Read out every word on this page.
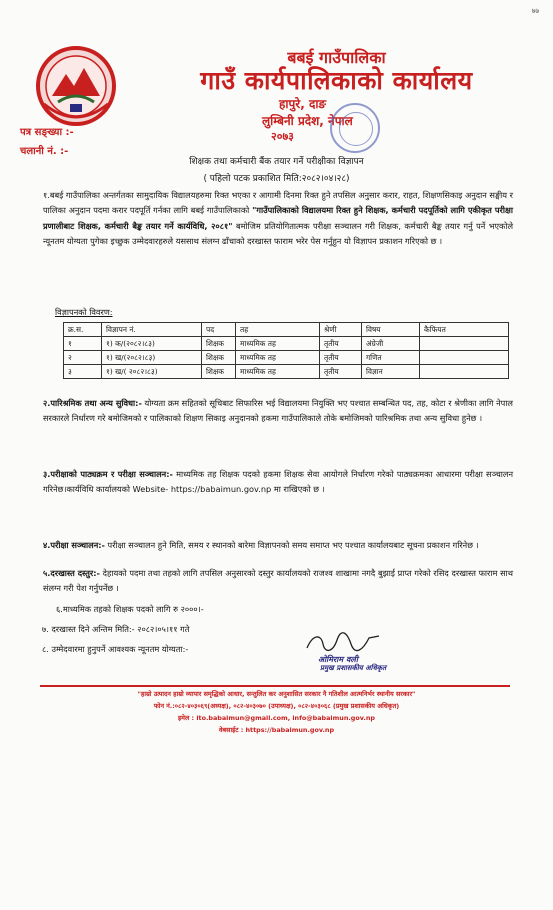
७७
बबई गाउँपालिका
गाउँ कार्यपालिकाको कार्यालय
हापुरे, दाङ
लुम्बिनी प्रदेश, नेपाल
२०७३
पत्र सङ्ख्या :-
चलानी नं. :-
शिक्षक तथा कर्मचारी बैंक तयार गर्ने परीक्षीका विज्ञापन
( पहिलो पटक प्रकाशित मिति:२०८२।०४।२८)
१.बबई गाउँपालिका अन्तर्गतका सामुदायिक विद्यालयहरुमा रिक्त भएका र आगामी दिनमा रिक्त हुने तपसिल अनुसार करार, राहत, शिक्षणसिकाइ अनुदान सङ्घीय र पालिका अनुदान पदमा करार पदपूर्ति गर्नका लागि बबई गाउँपालिकाको "गाउँपालिकाको विद्यालयमा रिक्त हुने शिक्षक, कर्मचारी पदपूर्तिको लागि एकीकृत परीक्षा प्रणालीबाट शिक्षक, कर्मचारी बैङ्क तयार गर्ने कार्यविधि, २०८१" बमोजिम प्रतियोगितात्मक परीक्षा सञ्चालन गरी शिक्षक, कर्मचारी बैङ्क तयार गर्नु पर्ने भएकोले न्यूनतम योग्यता पुगेका इच्छुक उम्मेदवारहरुले यससाथ संलग्न ढाँचाको दरखास्त फाराम भरेर पेस गर्नुहुन यो विज्ञापन प्रकाशन गरिएको छ ।
विज्ञापनको विवरण:
क्र.स.	विज्ञापन नं.	पद	तह	श्रेणी	विषय	कैफियत
१	१) क/(२०८२।८३)	शिक्षक	माध्यमिक तह	तृतीय	अंग्रेजी	
२	१) ख/(२०८२।८३)	शिक्षक	माध्यमिक तह	तृतीय	गणित	
३	१) ख/( २०८२।८३)	शिक्षक	माध्यमिक तह	तृतीय	विज्ञान	
२.पारिश्रमिक तथा अन्य सुविधा:- योग्यता क्रम सहितको सूचिबाट सिफारिस भई विद्यालयमा नियुक्ति भए पश्चात सम्बन्धित पद, तह, कोटा र श्रेणीका लागि नेपाल सरकारले निर्धारण गरे बमोजिमको र पालिकाको शिक्षण सिकाइ अनुदानको हकमा गाउँपालिकाले तोके बमोजिमको पारिश्रमिक तथा अन्य सुविधा हुनेछ ।
३.परीक्षाको पाठ्यक्रम र परीक्षा सञ्चालन:- माध्यमिक तह शिक्षक पदको हकमा शिक्षक सेवा आयोगले निर्धारण गरेको पाठ्यक्रमका आधारमा परीक्षा सञ्चालन गरिनेछ।कार्यविधि कार्यालयको Website- https://babaimun.gov.np मा राखिएको छ ।
४.परीक्षा सञ्चालन:- परीक्षा सञ्चालन हुने मिति, समय र स्थानको बारेमा विज्ञापनको समय समाप्त भए पश्चात कार्यालयबाट सूचना प्रकाशन गरिनेछ ।
५.दरखास्त दस्तुर:- देहायको पदमा तथा तहको लागि तपसिल अनुसारको दस्तुर कार्यालयको राजश्व शाखामा नगदै बुझाई प्राप्त गरेको रसिद दरखास्त फाराम साथ संलग्न गरी पेश गर्नुपर्नेछ ।
६.माध्यमिक तहको शिक्षक पदको लागि रु २०००।-
७. दरखास्त दिने अन्तिम मिति:- २०८२।०५।११ गते
८. उम्मेदवारमा हुनुपर्ने आवश्यक न्यूनतम योग्यता:-
ओमिराम वली
प्रमुख प्रशासकीय अधिकृत
"हाम्रो उत्पादन हाम्रो व्यापार समृद्धिको आधार, सन्तुलित कर अनुशासित सरकार नै गतिशील आत्मनिर्भर स्थानीय सरकार"
फोन नं.:०८२-४०३०६९(अध्यक्ष), ०८२-४०३०७० (उपाध्यक्ष), ०८२-४०३०६८ (प्रमुख प्रशासकीय अधिकृत)
इमेल : ito.babaimun@gmail.com, info@babaimun.gov.np
वेबसाईट : https://babaimun.gov.np
